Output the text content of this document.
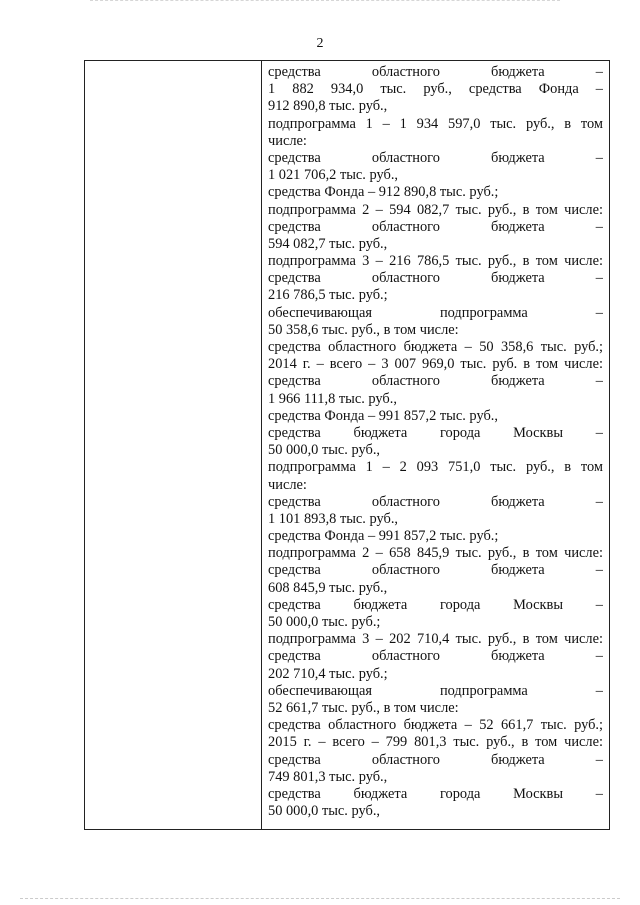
2

средства областного бюджета –
1 882 934,0 тыс. руб., средства Фонда –
912 890,8 тыс. руб.,
подпрограмма 1 – 1 934 597,0 тыс. руб., в том
числе:
средства областного бюджета –
1 021 706,2 тыс. руб.,
средства Фонда – 912 890,8 тыс. руб.;
подпрограмма 2 – 594 082,7 тыс. руб., в том числе:
средства областного бюджета –
594 082,7 тыс. руб.,
подпрограмма 3 – 216 786,5 тыс. руб., в том числе:
средства областного бюджета –
216 786,5 тыс. руб.;
обеспечивающая подпрограмма –
50 358,6 тыс. руб., в том числе:
средства областного бюджета – 50 358,6 тыс. руб.;
2014 г. – всего – 3 007 969,0 тыс. руб. в том числе:
средства областного бюджета –
1 966 111,8 тыс. руб.,
средства Фонда – 991 857,2 тыс. руб.,
средства бюджета города Москвы –
50 000,0 тыс. руб.,
подпрограмма 1 – 2 093 751,0 тыс. руб., в том
числе:
средства областного бюджета –
1 101 893,8 тыс. руб.,
средства Фонда – 991 857,2 тыс. руб.;
подпрограмма 2 – 658 845,9 тыс. руб., в том числе:
средства областного бюджета –
608 845,9 тыс. руб.,
средства бюджета города Москвы –
50 000,0 тыс. руб.;
подпрограмма 3 – 202 710,4 тыс. руб., в том числе:
средства областного бюджета –
202 710,4 тыс. руб.;
обеспечивающая подпрограмма –
52 661,7 тыс. руб., в том числе:
средства областного бюджета – 52 661,7 тыс. руб.;
2015 г. – всего – 799 801,3 тыс. руб., в том числе:
средства областного бюджета –
749 801,3 тыс. руб.,
средства бюджета города Москвы –
50 000,0 тыс. руб.,
